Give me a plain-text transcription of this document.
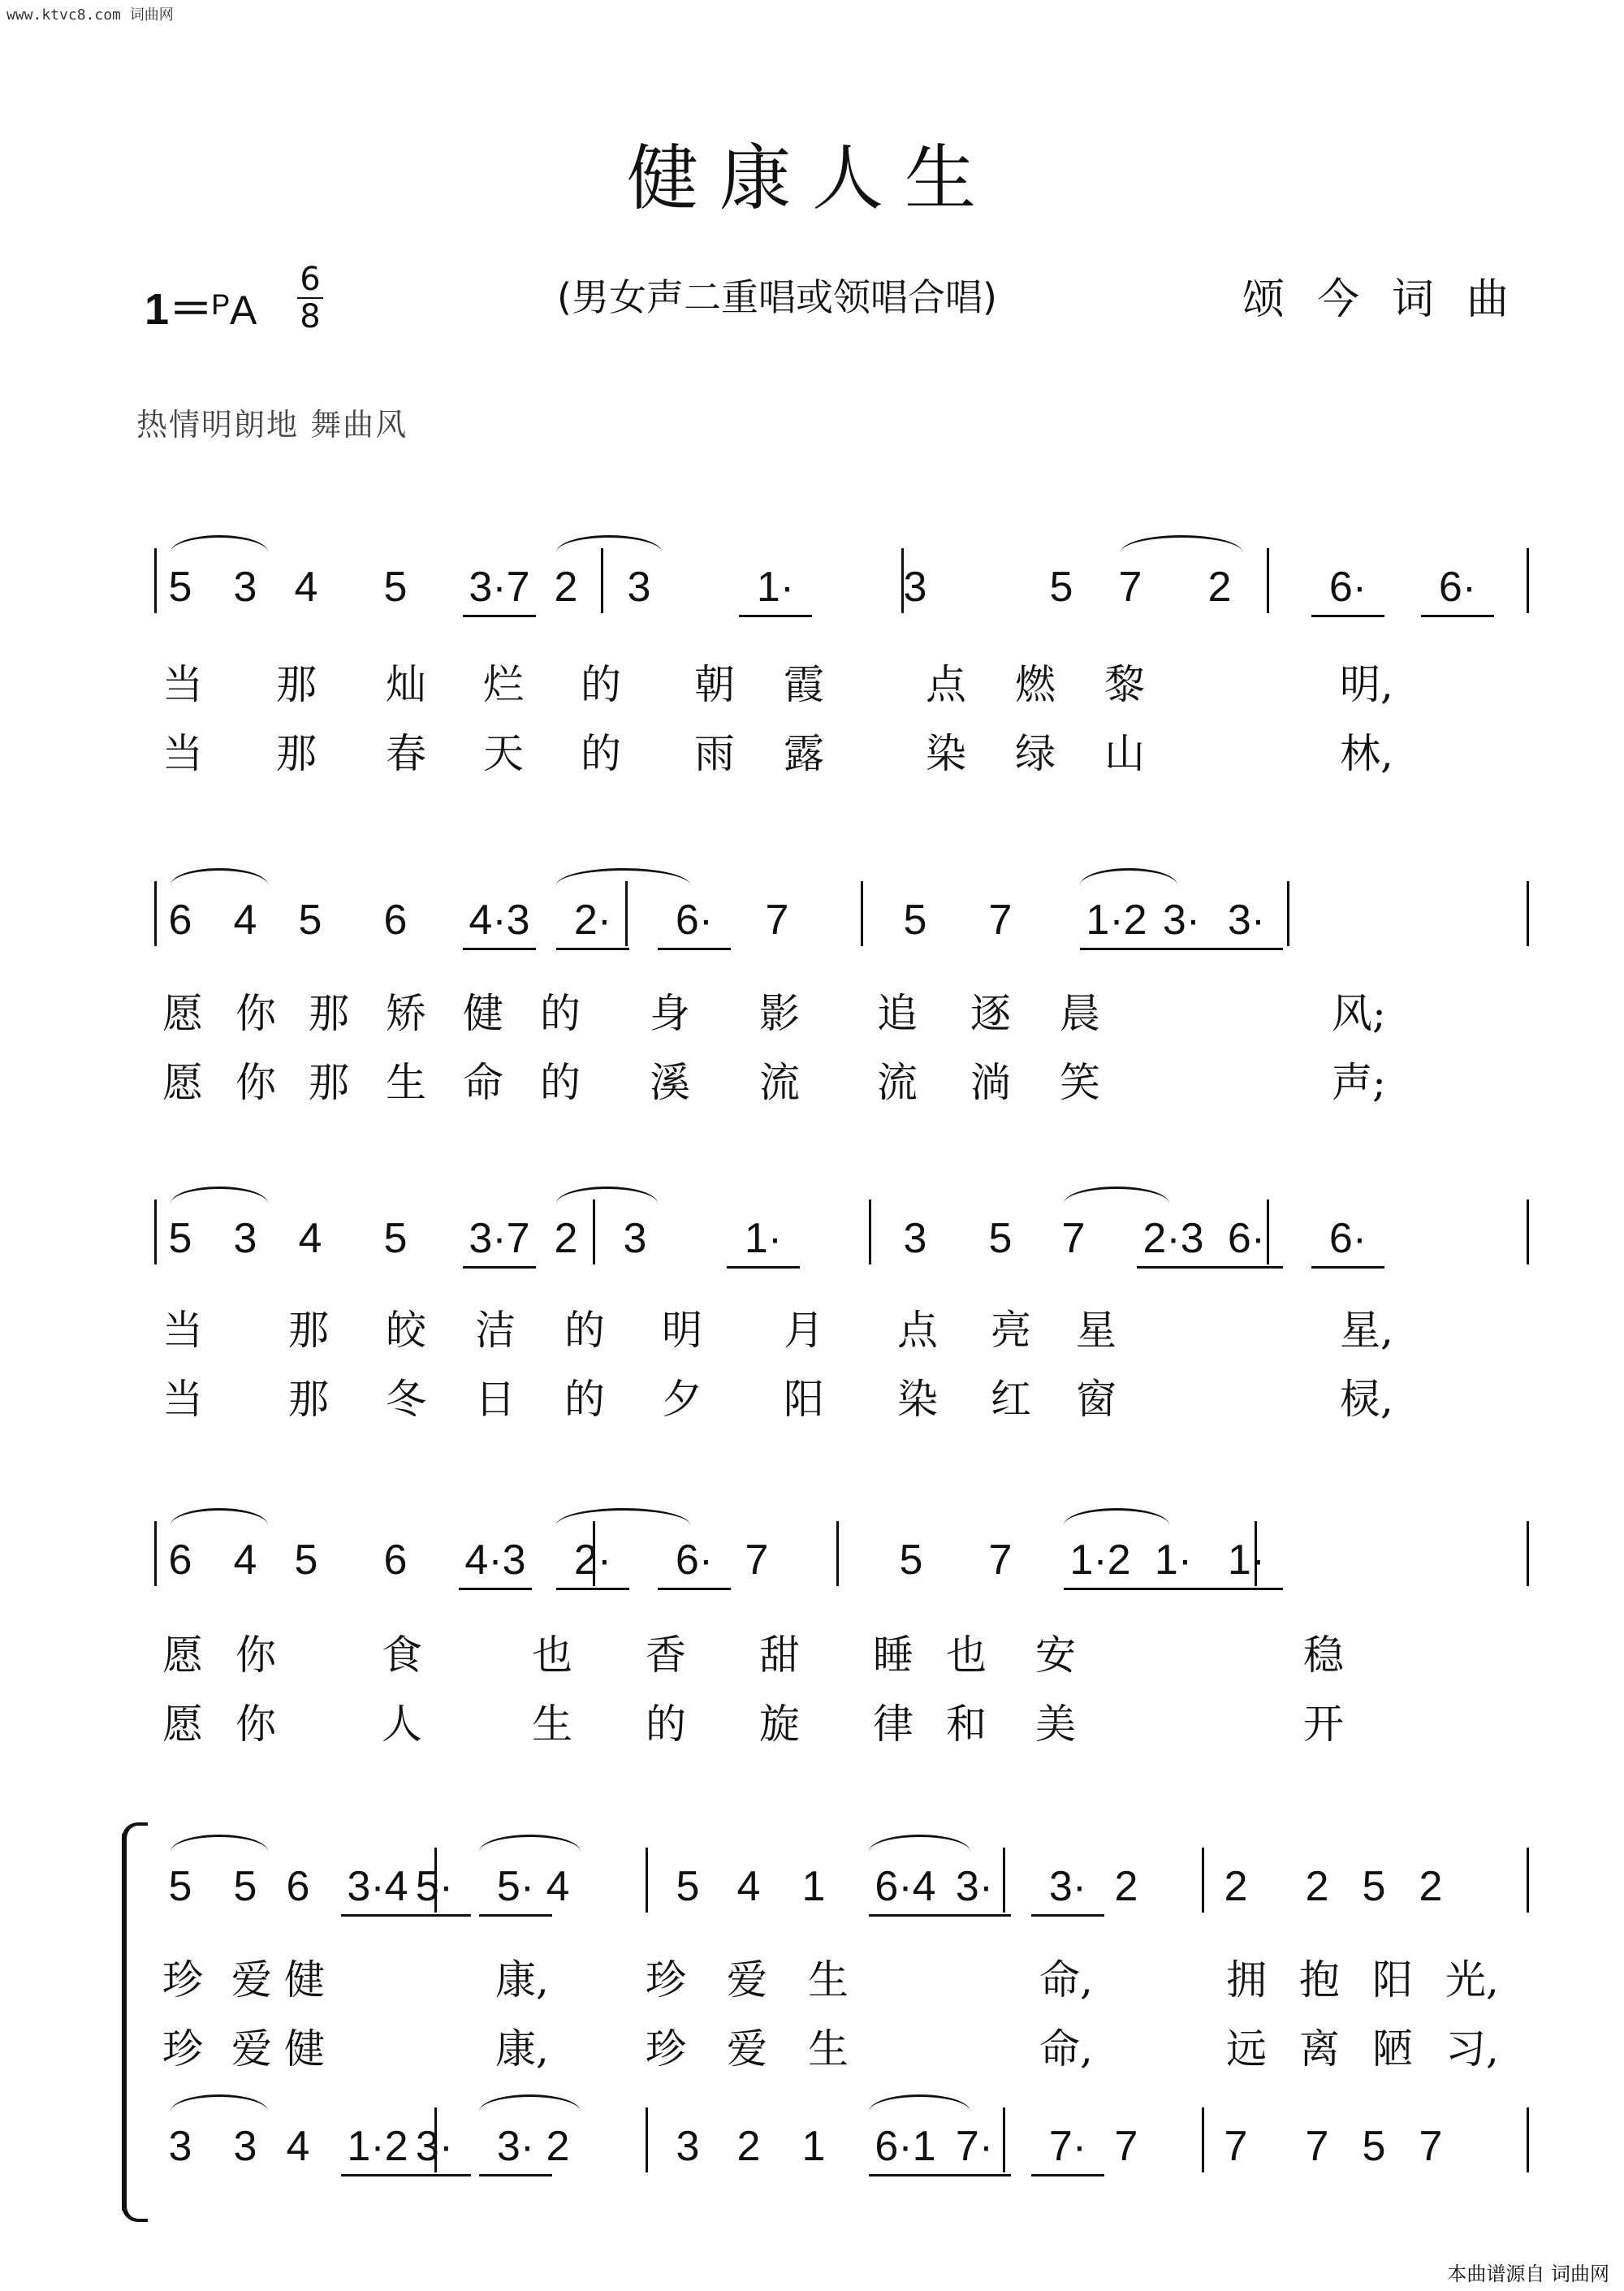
www.ktvc8.com 词曲网
健康人生
1＝ᴾA
6
8	(男女声二重唱或领唱合唱)	颂今词曲
热情明朗地 舞曲风
5 3 4 5	3·7 2 3	1·	3	5 7 2	6·	6·
当 那 灿 烂 的 朝 霞	点 燃 黎	明,
当 那 春 天 的 雨 露	染 绿 山	林,
6 4 5 6	4·3	2·	6·	7	5 7	1·2 3· 3·
愿 你 那 矫 健 的 身 影 追 逐 晨	风;
愿 你 那 生 命 的 溪 流 流 淌 笑	声;
5 3 4 5	3·7 2 3	1·	3 5 7	2·3 6·	6·
当 那 皎 洁 的 明 月 点 亮 星	星,
当 那 冬 日 的 夕 阳 染 红 窗	棂,
6 4 5 6	4·3	2·	6· 7	5 7	1·2 1· 1·
愿 你	食	也 香 甜 睡 也 安	稳
愿 你	人	生 的 旋 律 和 美	开
5 5 6 3·4 5·	5· 4	5 4 1	6·4 3·	3· 2 2 2 5 2
珍 爱 健	康, 珍 爱 生	命,	拥 抱 阳 光,
珍 爱 健	康, 珍 爱 生	命,	远 离 陋 习,
3 3 4 1·2 3·	3· 2	3 2 1	6·1 7·	7· 7 7 7 5 7
本曲谱源自 词曲网
